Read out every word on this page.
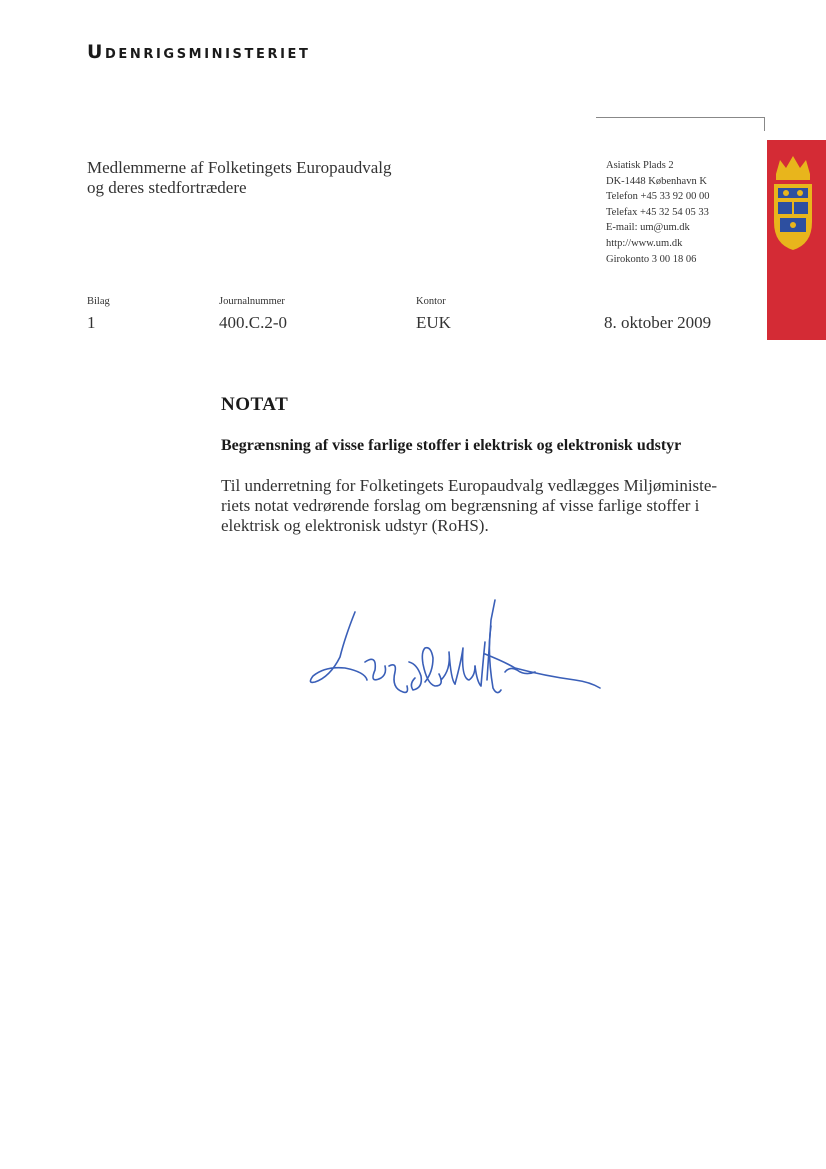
Udenrigsministeriet
Medlemmerne af Folketingets Europaudvalg
og deres stedfortrædere
Asiatisk Plads 2
DK-1448 København K
Telefon +45 33 92 00 00
Telefax +45 32 54 05 33
E-mail: um@um.dk
http://www.um.dk
Girokonto 3 00 18 06
Bilag
1
Journalnummer
400.C.2-0
Kontor
EUK	8. oktober 2009
NOTAT
Begrænsning af visse farlige stoffer i elektrisk og elektronisk udstyr
Til underretning for Folketingets Europaudvalg vedlægges Miljøministe-
riets notat vedrørende forslag om begrænsning af visse farlige stoffer i
elektrisk og elektronisk udstyr (RoHS).
